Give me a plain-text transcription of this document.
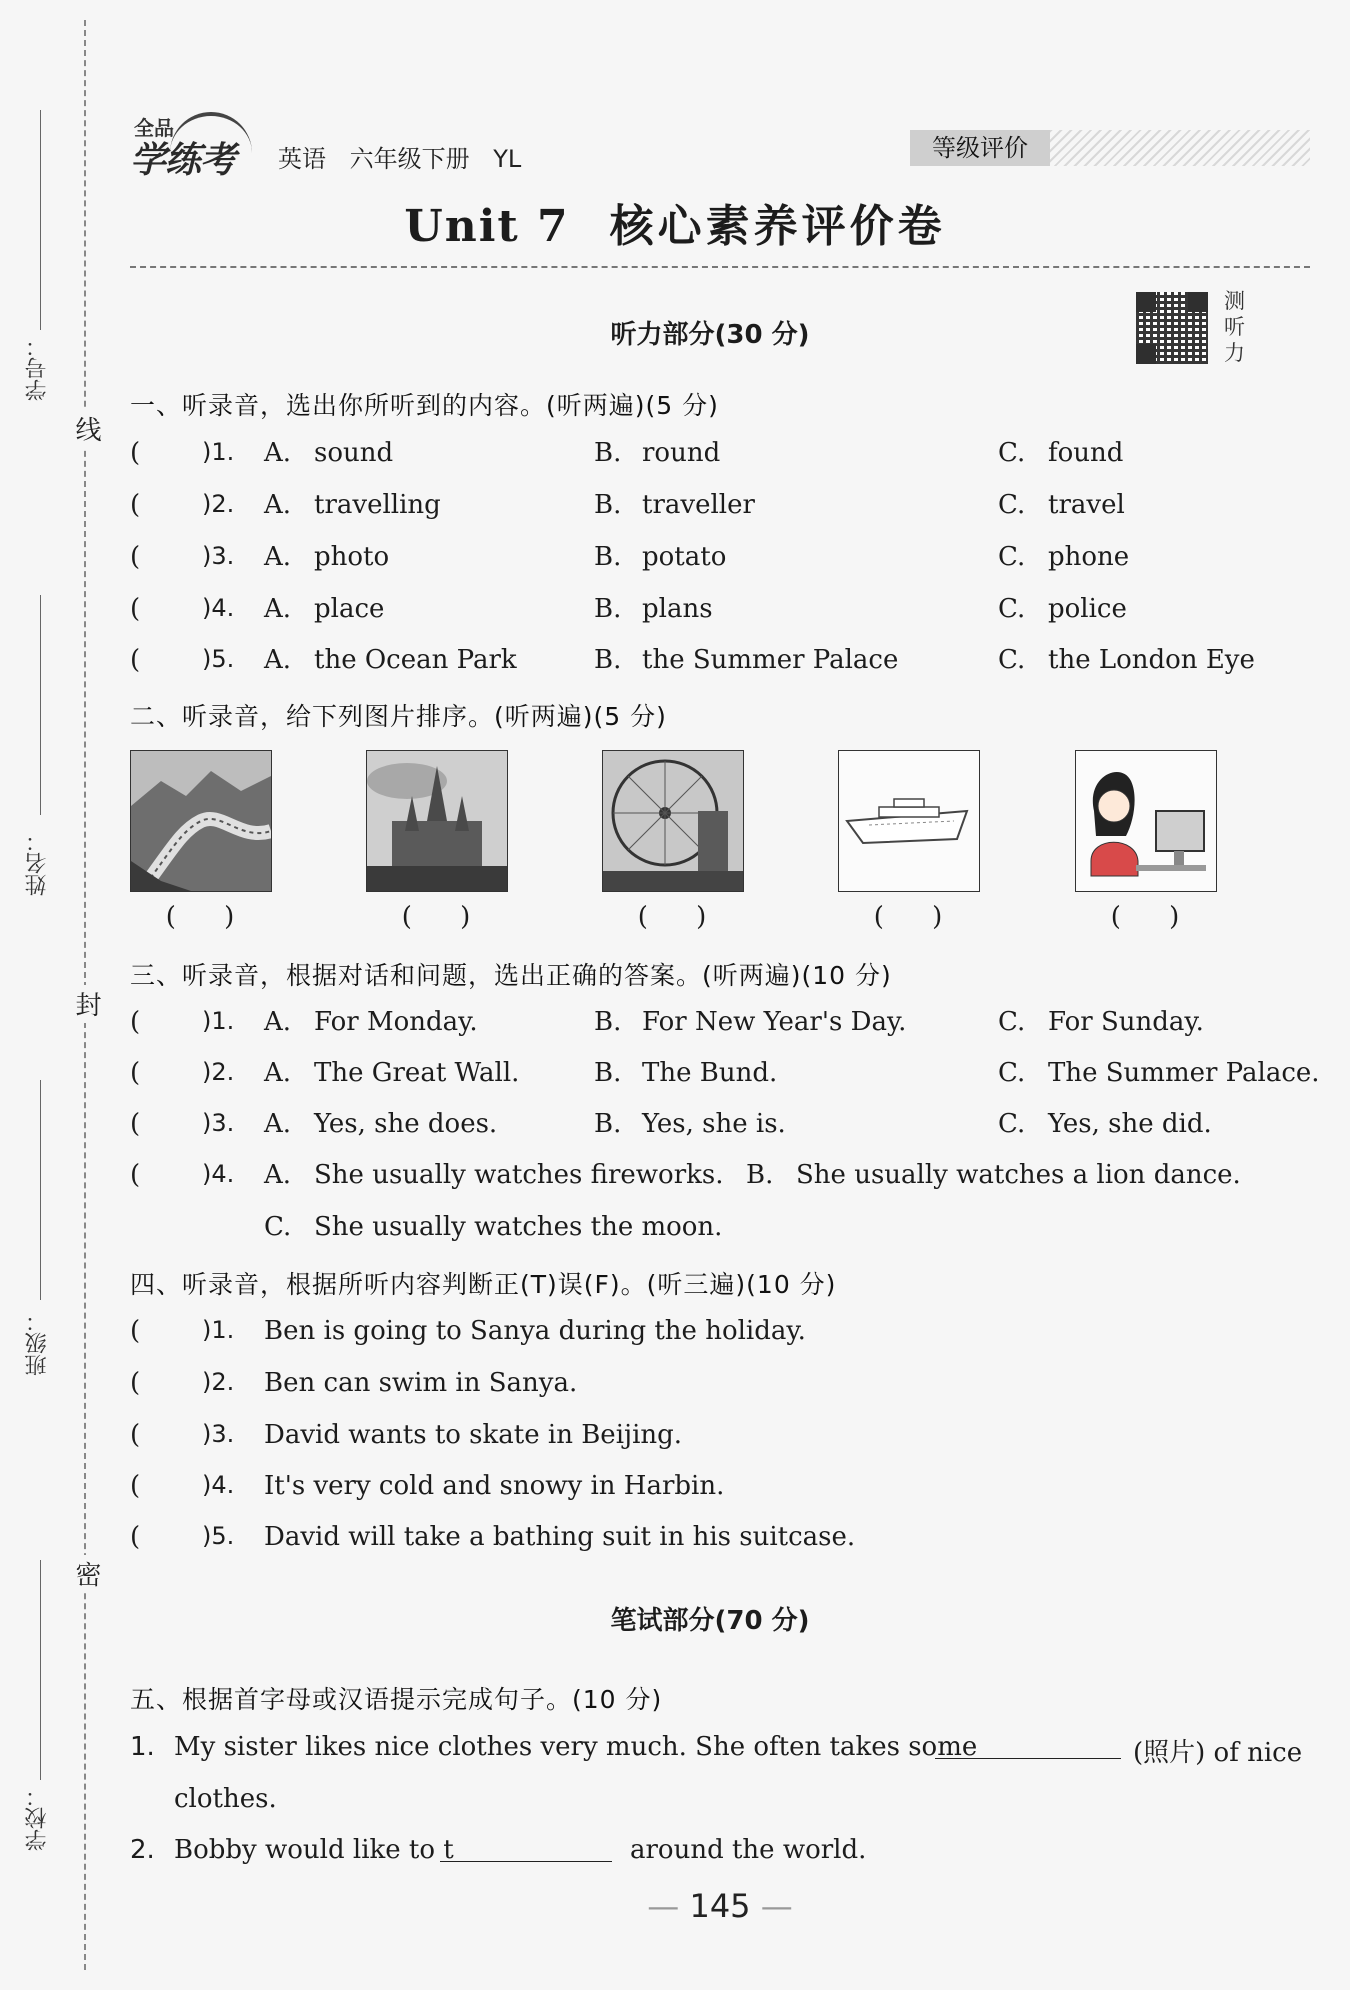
学号：
姓名：
班级：
学校：
线
封
密
全品
学练考 英语 六年级下册 YL	等级评价
Unit 7 核心素养评价卷
听力部分(30 分)
测听力
一、听录音，选出你所听到的内容。(听两遍)(5 分)
(	)1. A. sound	B. round	C. found
(	)2. A. travelling	B. traveller	C. travel
(	)3. A. photo	B. potato	C. phone
(	)4. A. place	B. plans	C. police
(	)5. A. the Ocean Park	B. the Summer Palace	C. the London Eye
二、听录音，给下列图片排序。(听两遍)(5 分)
( )	( )	( )	( )	( )
三、听录音，根据对话和问题，选出正确的答案。(听两遍)(10 分)
(	)1. A. For Monday.	B. For New Year's Day.	C. For Sunday.
(	)2. A. The Great Wall.	B. The Bund.	C. The Summer Palace.
(	)3. A. Yes, she does.	B. Yes, she is.	C. Yes, she did.
(	)4. A. She usually watches fireworks. B. She usually watches a lion dance.
C. She usually watches the moon.
四、听录音，根据所听内容判断正(T)误(F)。(听三遍)(10 分)
(	)1. Ben is going to Sanya during the holiday.
(	)2. Ben can swim in Sanya.
(	)3. David wants to skate in Beijing.
(	)4. It's very cold and snowy in Harbin.
(	)5. David will take a bathing suit in his suitcase.
笔试部分(70 分)
五、根据首字母或汉语提示完成句子。(10 分)
1. My sister likes nice clothes very much. She often takes some	(照片) of nice
clothes.
2. Bobby would like to t	around the world.
— 145 —
